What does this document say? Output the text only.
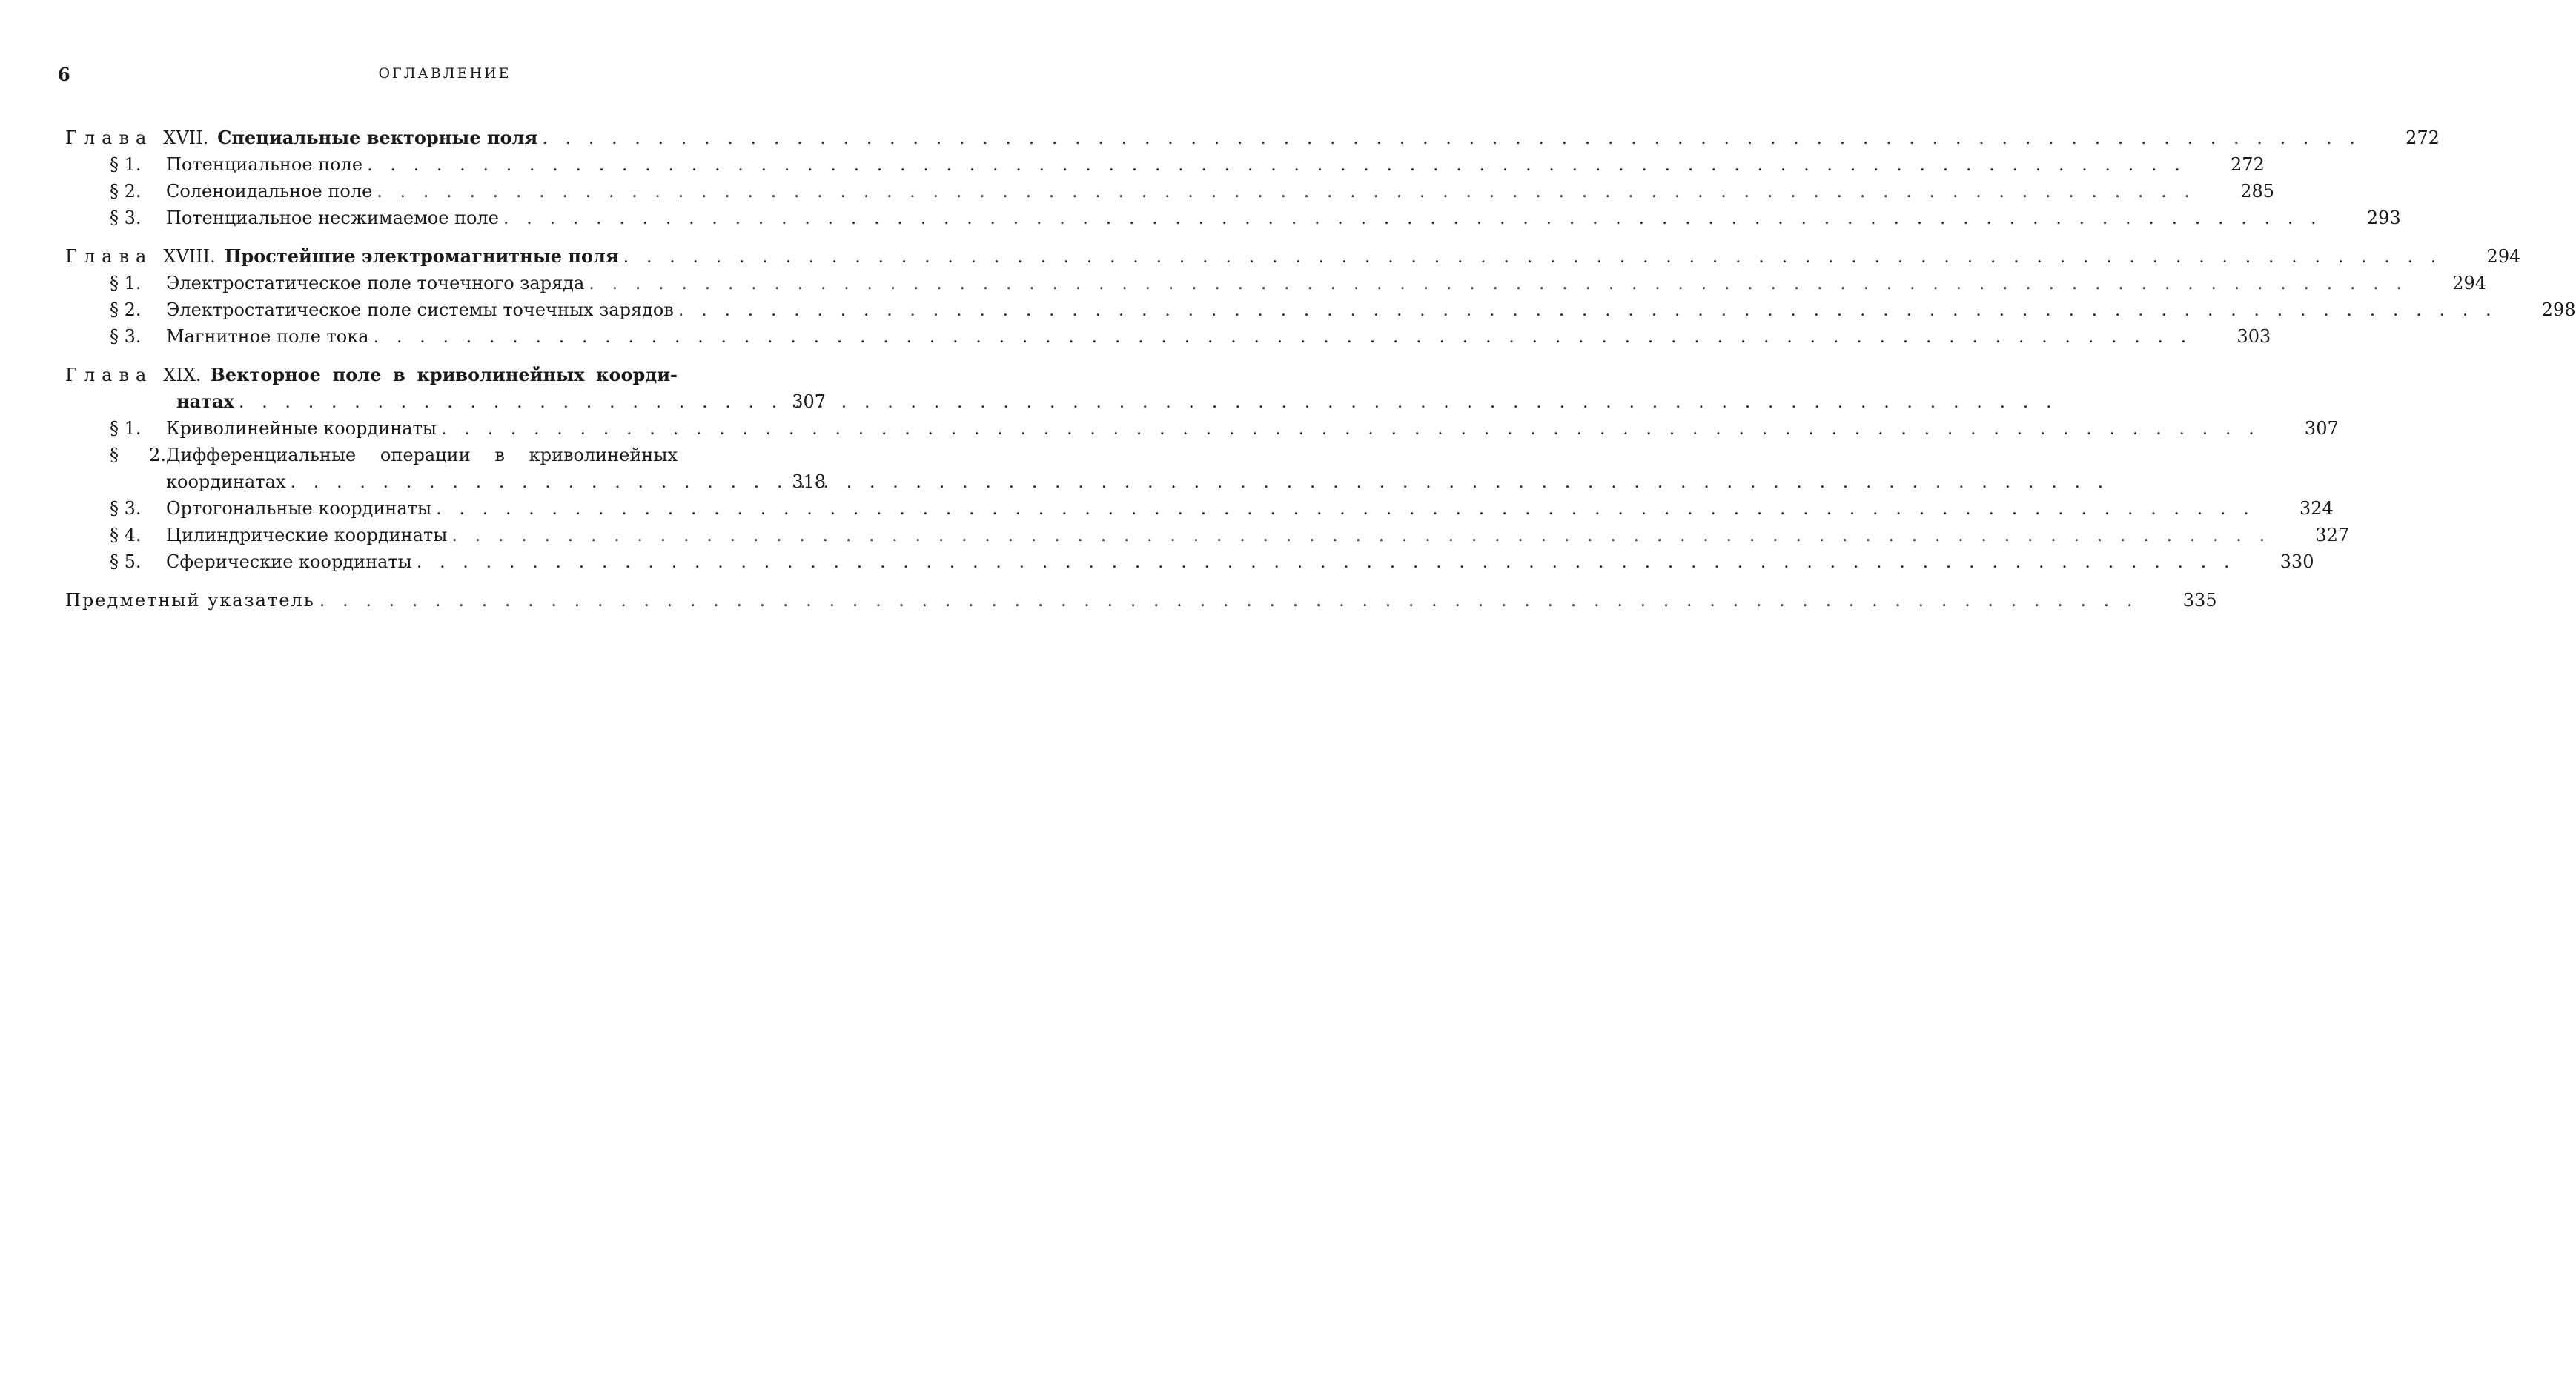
6	ОГЛАВЛЕНИЕ
Глава XVII. Специальные векторные поля
. . .	272
§ 1. Потенциальное поле
. . .	272
§ 2. Соленоидальное поле
. . .	285
§ 3. Потенциальное несжимаемое поле
. . .	293
Глава XVIII. Простейшие электромагнитные поля
. . .	294
§ 1. Электростатическое поле точечного заряда
. . .	294
§ 2. Электростатическое поле системы точечных зарядов
. . .	298
§ 3. Магнитное поле тока
. . .	303
Глава XIX. Векторное поле в криволинейных коорди-
натах
. . .	307
§ 1. Криволинейные координаты
. . .	307
§ 2.Дифференциальные операции в криволинейных
координатах
. . .	318
§ 3. Ортогональные координаты
. . .	324
§ 4. Цилиндрические координаты
. . .	327
§ 5. Сферические координаты
. . .	330
Предметный указатель
. . .	335
